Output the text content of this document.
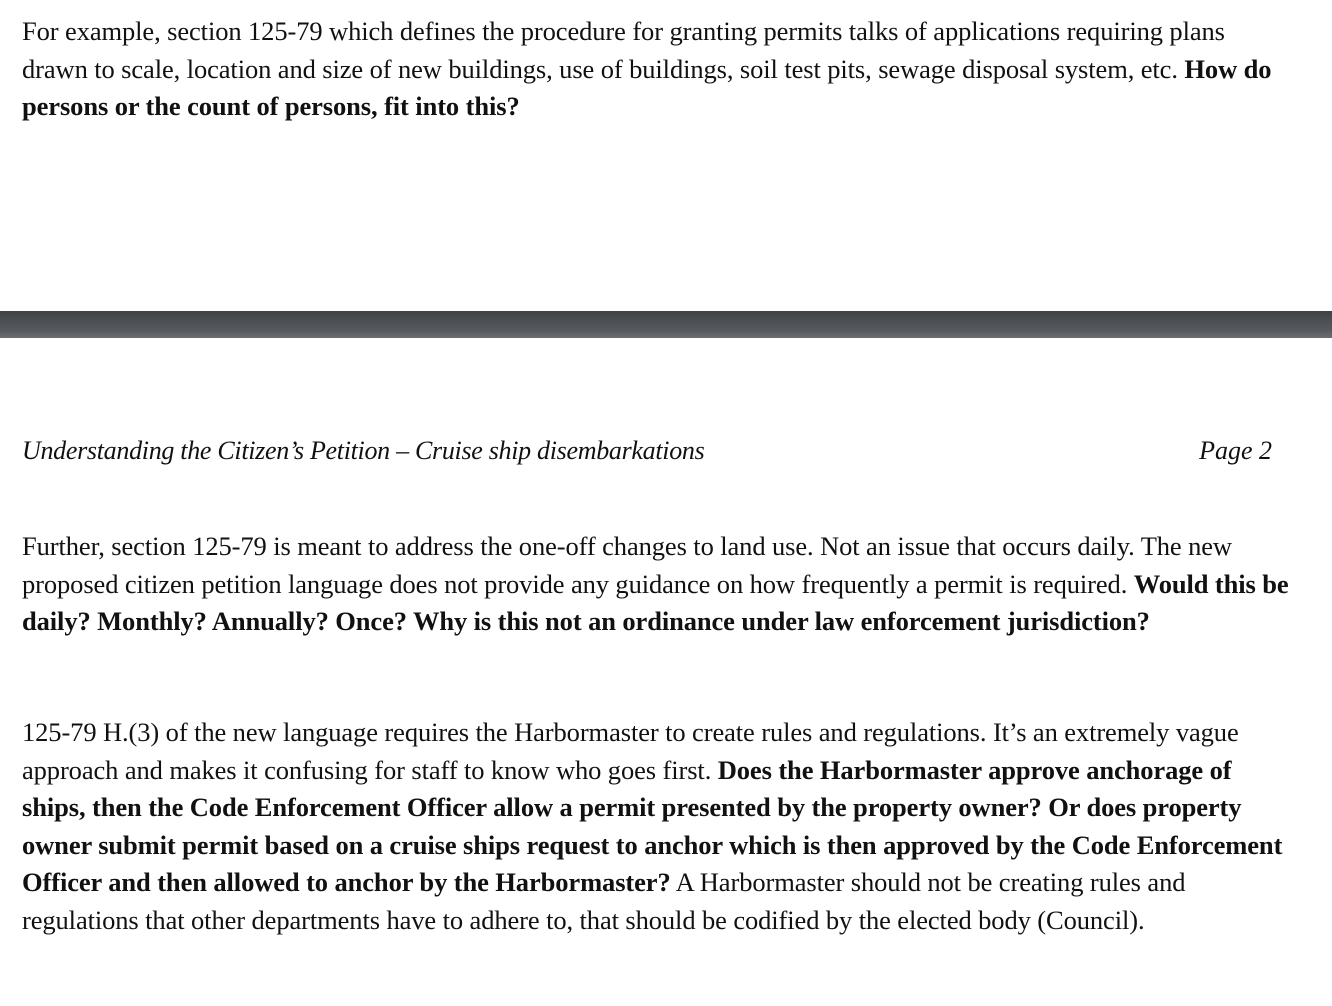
For example, section 125-79 which defines the procedure for granting permits talks of applications requiring plans drawn to scale, location and size of new buildings, use of buildings, soil test pits, sewage disposal system, etc. How do persons or the count of persons, fit into this?

Understanding the Citizen’s Petition – Cruise ship disembarkations	Page 2

Further, section 125-79 is meant to address the one-off changes to land use. Not an issue that occurs daily. The new proposed citizen petition language does not provide any guidance on how frequently a permit is required. Would this be daily? Monthly? Annually? Once? Why is this not an ordinance under law enforcement jurisdiction?

125-79 H.(3) of the new language requires the Harbormaster to create rules and regulations. It’s an extremely vague approach and makes it confusing for staff to know who goes first. Does the Harbormaster approve anchorage of ships, then the Code Enforcement Officer allow a permit presented by the property owner? Or does property owner submit permit based on a cruise ships request to anchor which is then approved by the Code Enforcement Officer and then allowed to anchor by the Harbormaster? A Harbormaster should not be creating rules and regulations that other departments have to adhere to, that should be codified by the elected body (Council).
